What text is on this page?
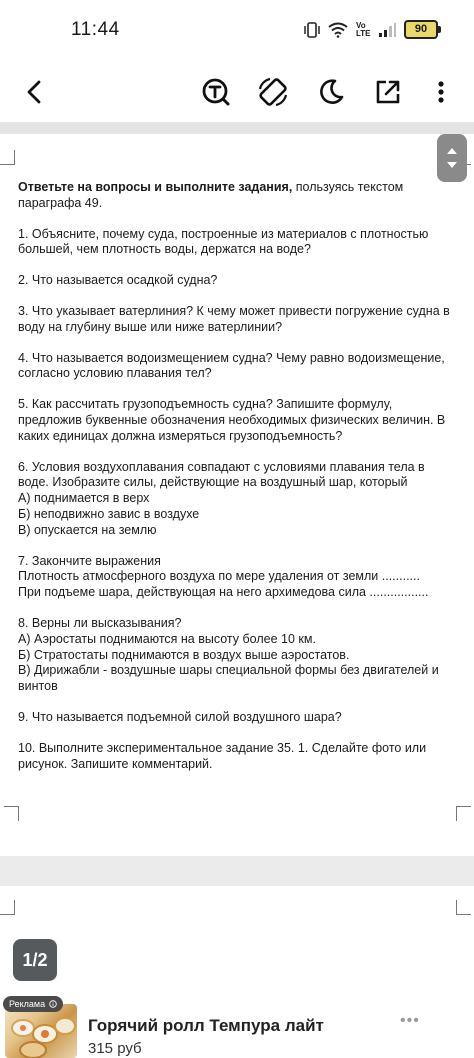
11:44	Vo LTE	90

Ответьте на вопросы и выполните задания, пользуясь текстом параграфа 49.

1. Объясните, почему суда, построенные из материалов с плотностью большей, чем плотность воды, держатся на воде?

2. Что называется осадкой судна?

3. Что указывает ватерлиния? К чему может привести погружение судна в воду на глубину выше или ниже ватерлинии?

4. Что называется водоизмещением судна? Чему равно водоизмещение, согласно условию плавания тел?

5. Как рассчитать грузоподъемность судна? Запишите формулу, предложив буквенные обозначения необходимых физических величин. В каких единицах должна измеряться грузоподъемность?

6. Условия воздухоплавания совпадают с условиями плавания тела в воде. Изобразите силы, действующие на воздушный шар, который

А) поднимается в верх

Б) неподвижно завис в воздухе

В) опускается на землю

7. Закончите выражения

Плотность атмосферного воздуха по мере удаления от земли ...........

При подъеме шара, действующая на него архимедова сила .................

8. Верны ли высказывания?

А) Аэростаты поднимаются на высоту более 10 км.

Б) Стратостаты поднимаются в воздух выше аэростатов.

В) Дирижабли - воздушные шары специальной формы без двигателей и винтов

9. Что называется подъемной силой воздушного шара?

10. Выполните экспериментальное задание 35. 1. Сделайте фото или рисунок. Запишите комментарий.

1/2
Реклама
Горячий ролл Темпура лайт
315 руб
•••
